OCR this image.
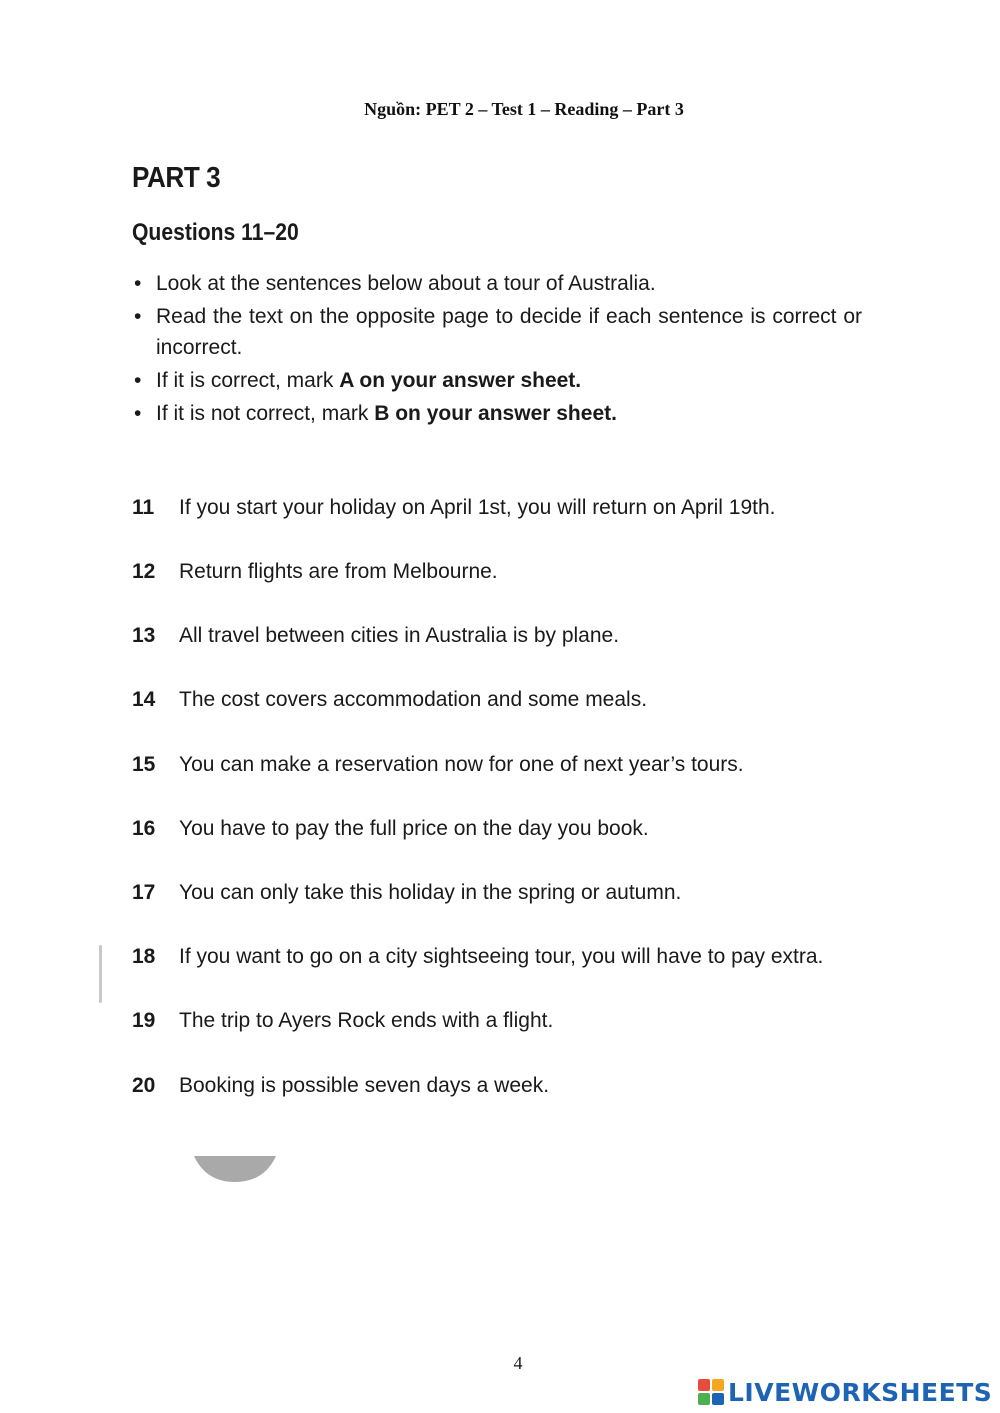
Nguồn: PET 2 – Test 1 – Reading – Part 3
PART 3
Questions 11–20
• Look at the sentences below about a tour of Australia.
• Read the text on the opposite page to decide if each sentence is correct or incorrect.
• If it is correct, mark A on your answer sheet.
• If it is not correct, mark B on your answer sheet.
11 If you start your holiday on April 1st, you will return on April 19th.
12 Return flights are from Melbourne.
13 All travel between cities in Australia is by plane.
14 The cost covers accommodation and some meals.
15 You can make a reservation now for one of next year’s tours.
16 You have to pay the full price on the day you book.
17 You can only take this holiday in the spring or autumn.
18 If you want to go on a city sightseeing tour, you will have to pay extra.
19 The trip to Ayers Rock ends with a flight.
20 Booking is possible seven days a week.
4
LIVEWORKSHEETS
